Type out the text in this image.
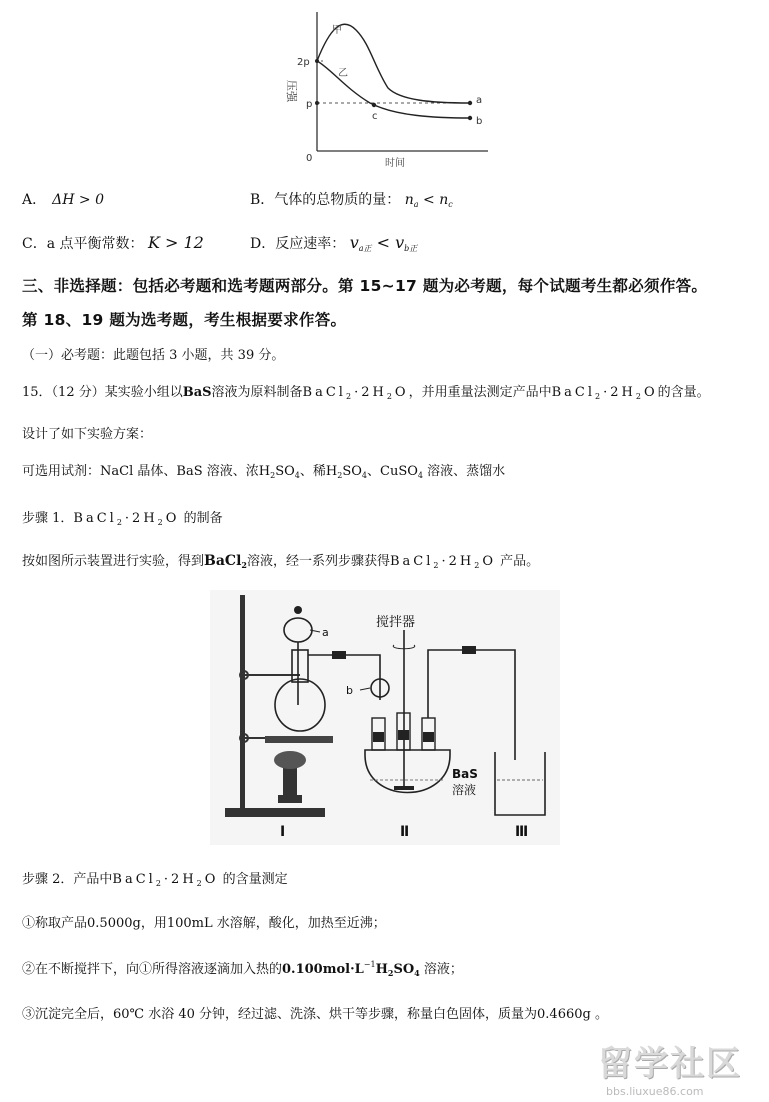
压强
时间
0
2p
p
甲
乙
a
b
c
A． ΔH > 0	B．气体的总物质的量： $n_a < n_c$
C．a 点平衡常数： K > 12	D．反应速率： $v_{a正} < v_{b正}$
三、非选择题：包括必考题和选考题两部分。第 15~17 题为必考题，每个试题考生都必须作答。
第 18、19 题为选考题，考生根据要求作答。
（一）必考题：此题包括 3 小题，共 39 分。
15．（12 分）某实验小组以BaS溶液为原料制备$BaCl_2\cdot 2H_2O$，并用重量法测定产品中$BaCl_2\cdot 2H_2O$的含量。
设计了如下实验方案：
可选用试剂：NaCl 晶体、BaS 溶液、浓$H_2SO_4$、稀$H_2SO_4$、CuSO$_4$ 溶液、蒸馏水
步骤 1．$BaCl_2\cdot 2H_2O$ 的制备
按如图所示装置进行实验，得到BaCl$_2$溶液，经一系列步骤获得$BaCl_2\cdot 2H_2O$ 产品。
a
b
搅拌器
BaS
溶液
Ⅰ	Ⅱ	Ⅲ
步骤 2．产品中$BaCl_2\cdot 2H_2O$ 的含量测定
①称取产品0.5000g，用100mL 水溶解，酸化，加热至近沸；
②在不断搅拌下，向①所得溶液逐滴加入热的$0.100mol\cdot L^{-1}H_2SO_4$ 溶液；
③沉淀完全后，60℃ 水浴 40 分钟，经过滤、洗涤、烘干等步骤，称量白色固体，质量为0.4660g 。
留学社区
bbs.liuxue86.com
